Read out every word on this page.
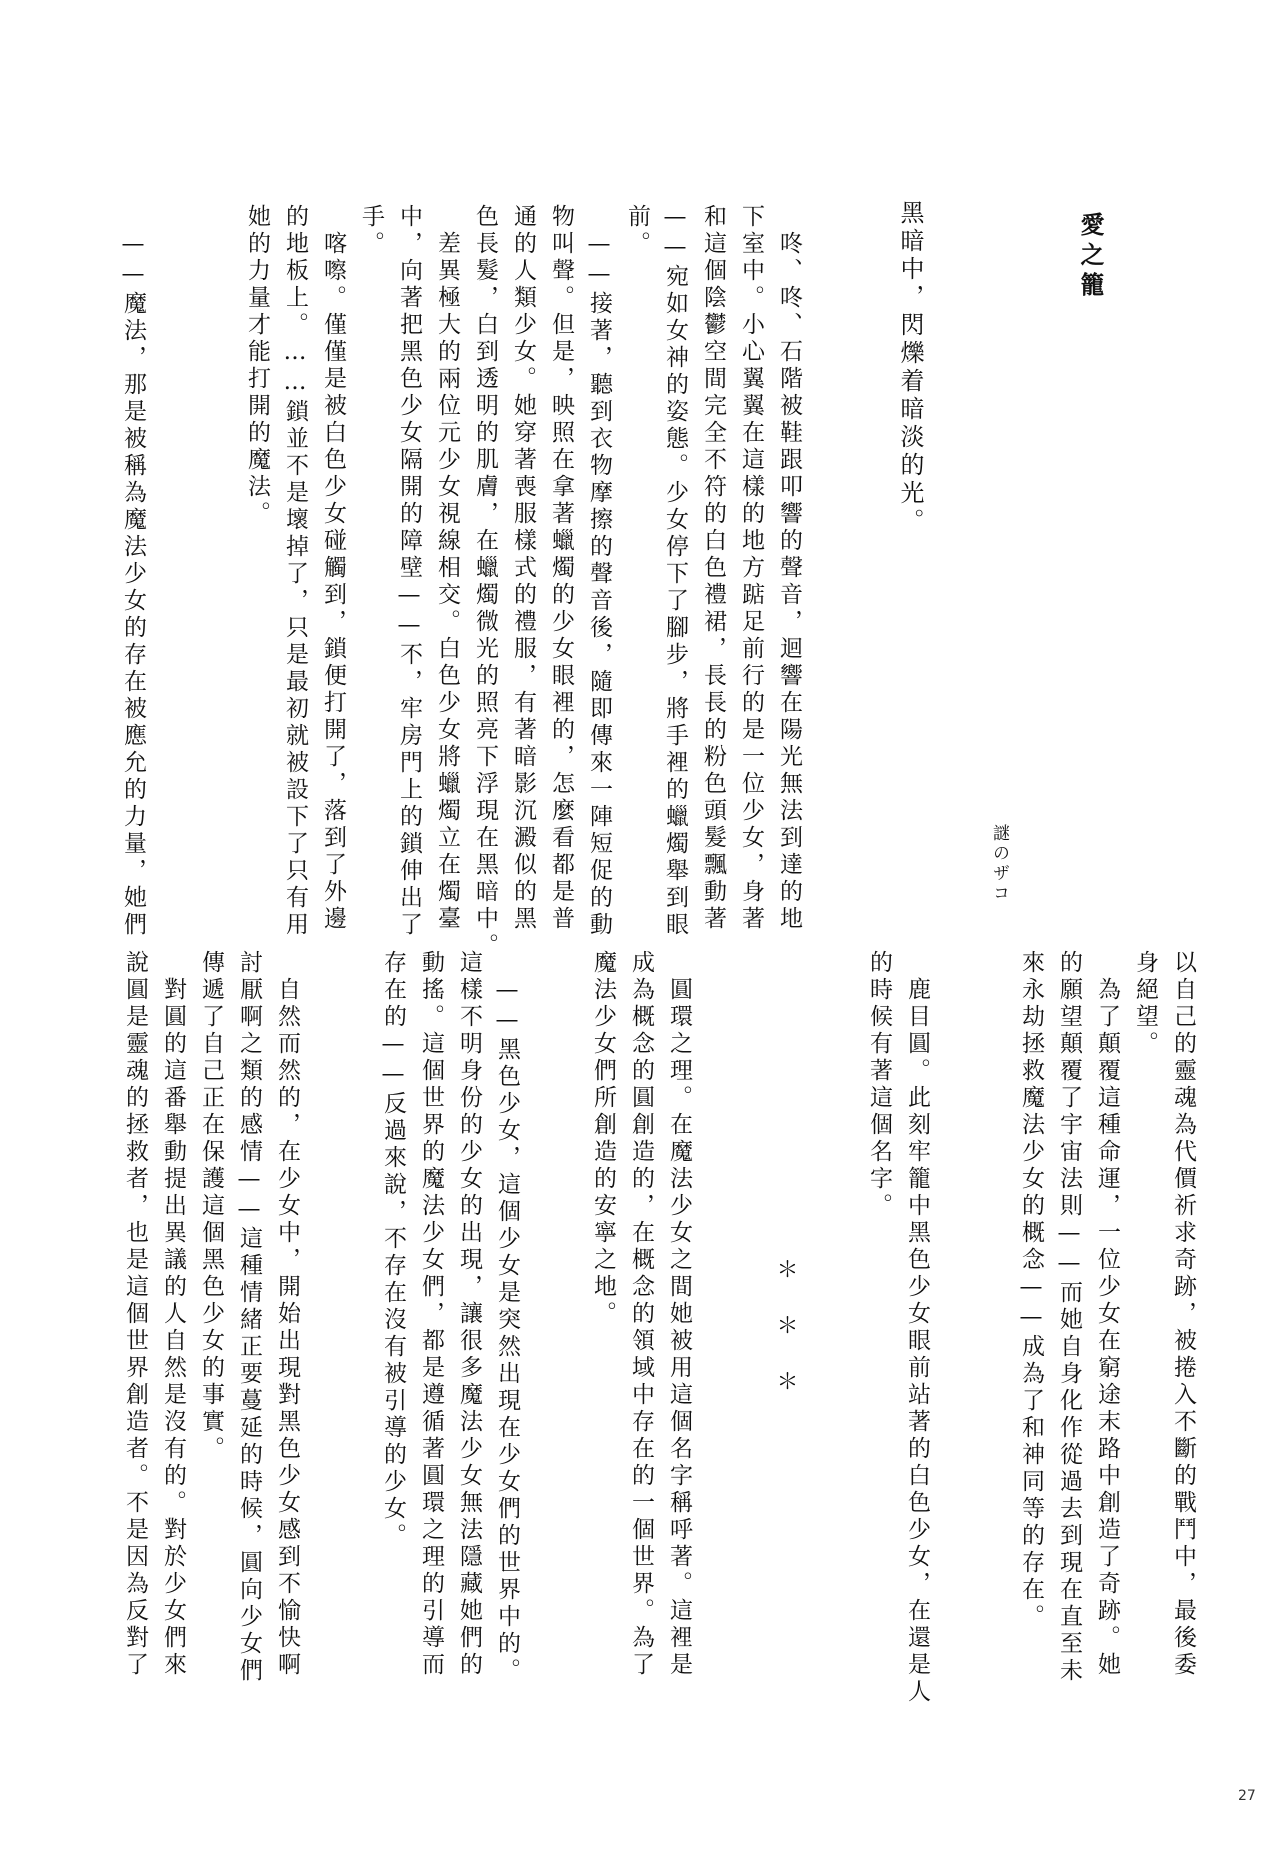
愛之籠
黑暗中，閃爍着暗淡的光。
謎のザコ
　咚、咚、石階被鞋跟叩響的聲音，迴響在陽光無法到達的地
下室中。小心翼翼在這樣的地方踮足前行的是一位少女，身著
和這個陰鬱空間完全不符的白色禮裙，長長的粉色頭髮飄動著
——宛如女神的姿態。少女停下了腳步，將手裡的蠟燭舉到眼
前。
　——接著，聽到衣物摩擦的聲音後，隨即傳來一陣短促的動
物叫聲。但是，映照在拿著蠟燭的少女眼裡的，怎麼看都是普
通的人類少女。她穿著喪服樣式的禮服，有著暗影沉澱似的黑
色長髮，白到透明的肌膚，在蠟燭微光的照亮下浮現在黑暗中。
　差異極大的兩位元少女視線相交。白色少女將蠟燭立在燭臺
中，向著把黑色少女隔開的障壁——不，牢房門上的鎖伸出了
手。
　喀嚓。僅僅是被白色少女碰觸到，鎖便打開了，落到了外邊
的地板上。……鎖並不是壞掉了，只是最初就被設下了只有用
她的力量才能打開的魔法。
　——魔法，那是被稱為魔法少女的存在被應允的力量，她們
以自己的靈魂為代價祈求奇跡，被捲入不斷的戰鬥中，最後委
身絕望。
　為了顛覆這種命運，一位少女在窮途末路中創造了奇跡。她
的願望顛覆了宇宙法則——而她自身化作從過去到現在直至未
來永劫拯救魔法少女的概念——成為了和神同等的存在。
　鹿目圓。此刻牢籠中黑色少女眼前站著的白色少女，在還是人
的時候有著這個名字。
＊＊＊
　圓環之理。在魔法少女之間她被用這個名字稱呼著。這裡是
成為概念的圓創造的，在概念的領域中存在的一個世界。為了
魔法少女們所創造的安寧之地。
　——黑色少女，這個少女是突然出現在少女們的世界中的。
這樣不明身份的少女的出現，讓很多魔法少女無法隱藏她們的
動搖。這個世界的魔法少女們，都是遵循著圓環之理的引導而
存在的——反過來說，不存在沒有被引導的少女。
　自然而然的，在少女中，開始出現對黑色少女感到不愉快啊
討厭啊之類的感情——這種情緒正要蔓延的時候，圓向少女們
傳遞了自己正在保護這個黑色少女的事實。
　對圓的這番舉動提出異議的人自然是沒有的。對於少女們來
說圓是靈魂的拯救者，也是這個世界創造者。不是因為反對了
27
